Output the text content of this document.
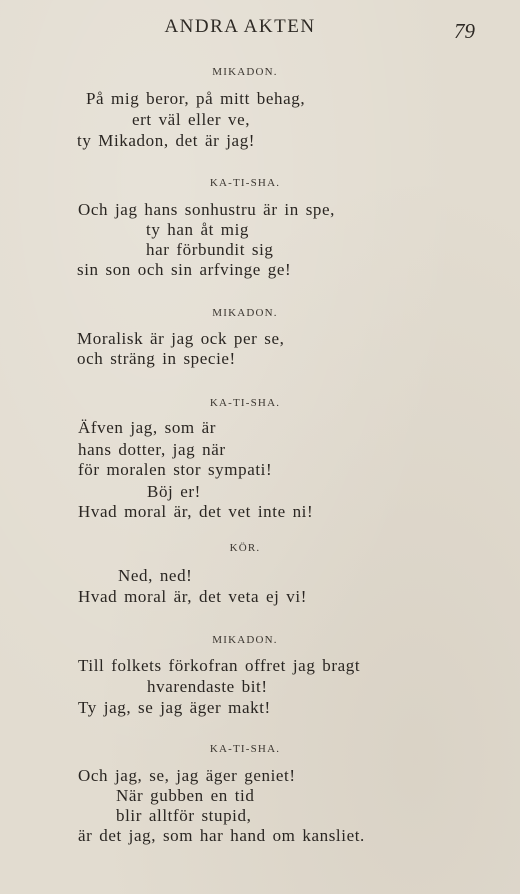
ANDRA AKTEN	79
MIKADON.
På mig beror, på mitt behag,
ert väl eller ve,
ty Mikadon, det är jag!
KA-TI-SHA.
Och jag hans sonhustru är in spe,
ty han åt mig
har förbundit sig
sin son och sin arfvinge ge!
MIKADON.
Moralisk är jag ock per se,
och sträng in specie!
KA-TI-SHA.
Äfven jag, som är
hans dotter, jag när
för moralen stor sympati!
Böj er!
Hvad moral är, det vet inte ni!
KÖR.
Ned, ned!
Hvad moral är, det veta ej vi!
MIKADON.
Till folkets förkofran offret jag bragt
hvarendaste bit!
Ty jag, se jag äger makt!
KA-TI-SHA.
Och jag, se, jag äger geniet!
När gubben en tid
blir alltför stupid,
är det jag, som har hand om kansliet.
